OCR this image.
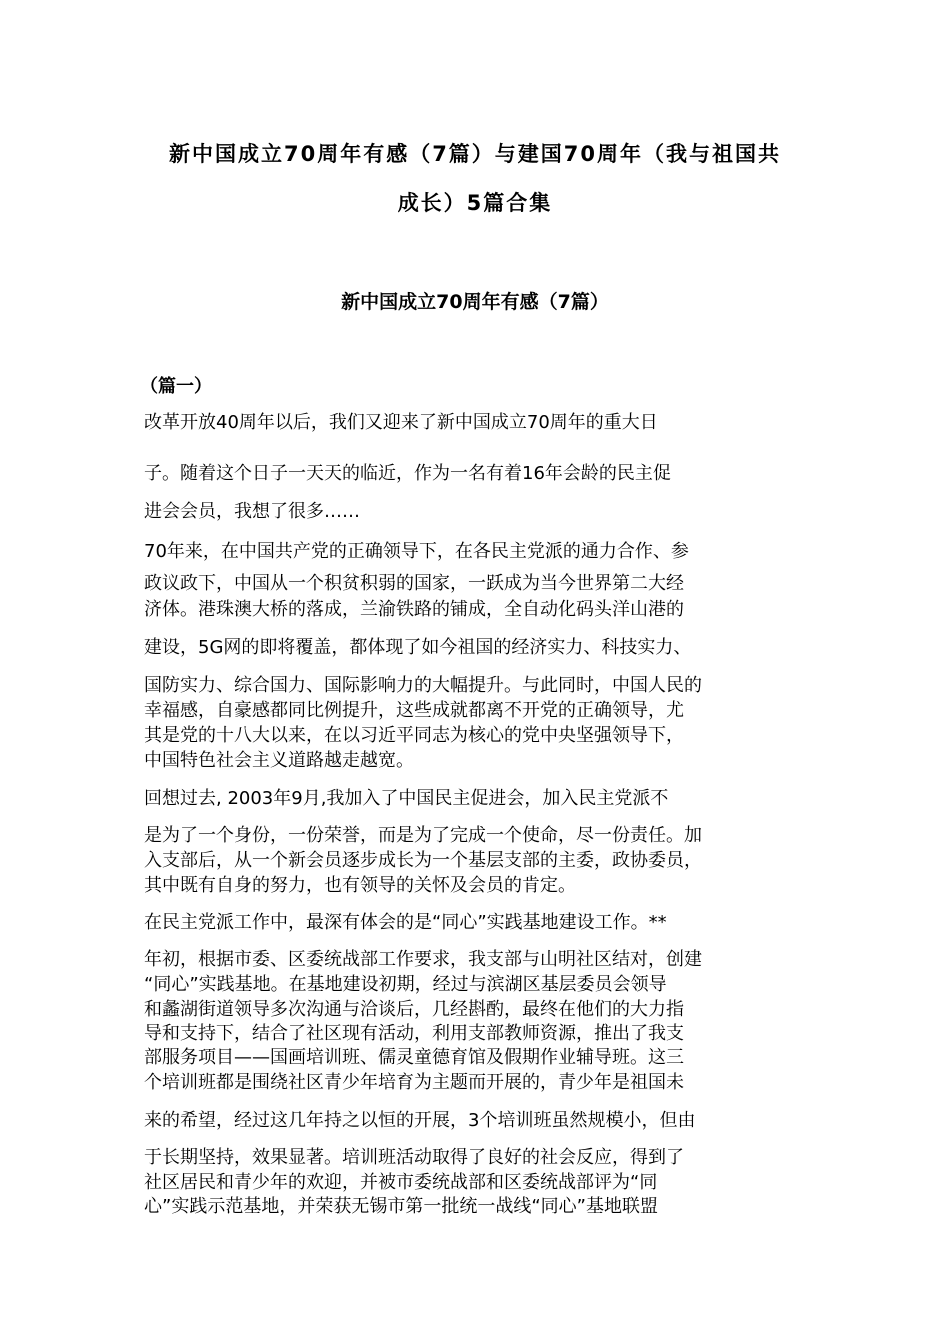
新中国成立70周年有感（7篇）与建国70周年（我与祖国共
成长）5篇合集
新中国成立70周年有感（7篇）
（篇一）
改革开放40周年以后，我们又迎来了新中国成立70周年的重大日
子。随着这个日子一天天的临近，作为一名有着16年会龄的民主促
进会会员，我想了很多……
70年来，在中国共产党的正确领导下，在各民主党派的通力合作、参
政议政下，中国从一个积贫积弱的国家，一跃成为当今世界第二大经
济体。港珠澳大桥的落成，兰渝铁路的铺成，全自动化码头洋山港的
建设，5G网的即将覆盖，都体现了如今祖国的经济实力、科技实力、
国防实力、综合国力、国际影响力的大幅提升。与此同时，中国人民的
幸福感，自豪感都同比例提升，这些成就都离不开党的正确领导，尤
其是党的十八大以来，在以习近平同志为核心的党中央坚强领导下，
中国特色社会主义道路越走越宽。
回想过去, 2003年9月,我加入了中国民主促进会，加入民主党派不
是为了一个身份，一份荣誉，而是为了完成一个使命，尽一份责任。加
入支部后，从一个新会员逐步成长为一个基层支部的主委，政协委员，
其中既有自身的努力，也有领导的关怀及会员的肯定。
在民主党派工作中，最深有体会的是“同心”实践基地建设工作。**
年初，根据市委、区委统战部工作要求，我支部与山明社区结对，创建
“同心”实践基地。在基地建设初期，经过与滨湖区基层委员会领导
和蠡湖街道领导多次沟通与洽谈后，几经斟酌，最终在他们的大力指
导和支持下，结合了社区现有活动，利用支部教师资源，推出了我支
部服务项目——国画培训班、儒灵童德育馆及假期作业辅导班。这三
个培训班都是围绕社区青少年培育为主题而开展的，青少年是祖国未
来的希望，经过这几年持之以恒的开展，3个培训班虽然规模小，但由
于长期坚持，效果显著。培训班活动取得了良好的社会反应，得到了
社区居民和青少年的欢迎，并被市委统战部和区委统战部评为“同
心”实践示范基地，并荣获无锡市第一批统一战线“同心”基地联盟
